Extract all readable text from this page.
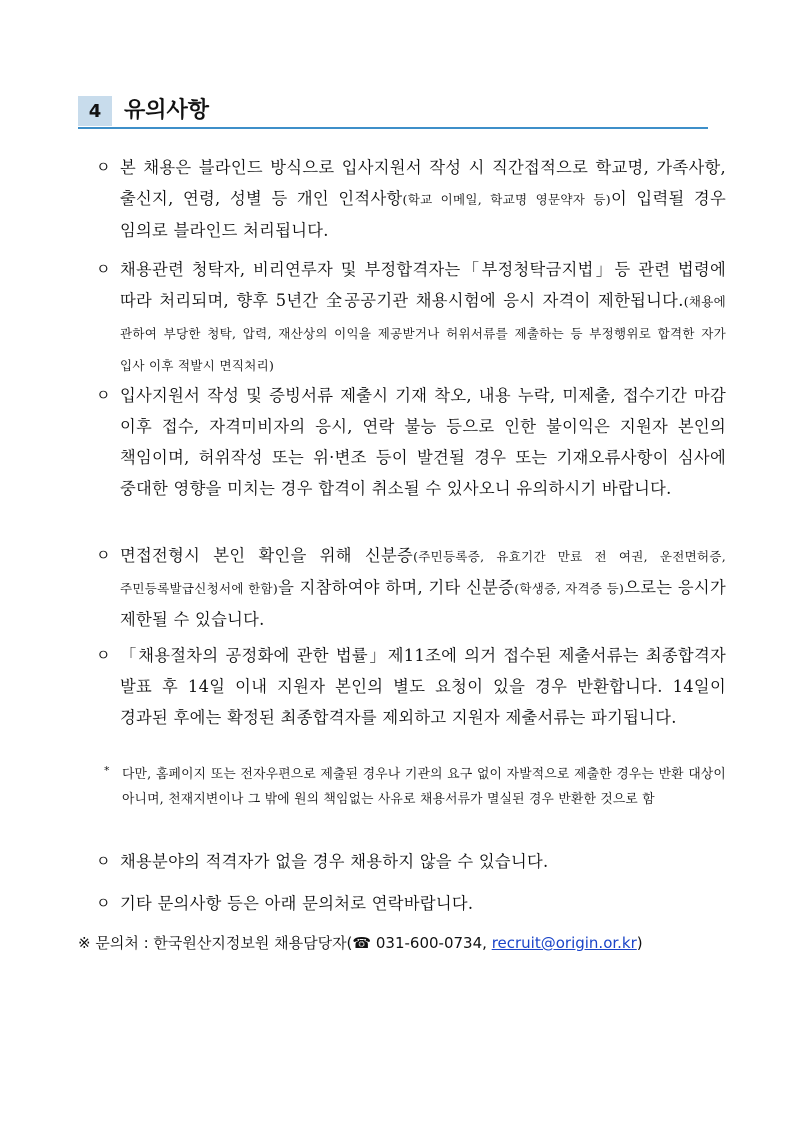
4	유의사항
ㅇ 본 채용은 블라인드 방식으로 입사지원서 작성 시 직간접적으로 학교명, 가족사항, 출신지, 연령, 성별 등 개인 인적사항(학교 이메일, 학교명 영문약자 등)이 입력될 경우 임의로 블라인드 처리됩니다.
ㅇ 채용관련 청탁자, 비리연루자 및 부정합격자는「부정청탁금지법」등 관련 법령에 따라 처리되며, 향후 5년간 全공공기관 채용시험에 응시 자격이 제한됩니다.(채용에 관하여 부당한 청탁, 압력, 재산상의 이익을 제공받거나 허위서류를 제출하는 등 부정행위로 합격한 자가 입사 이후 적발시 면직처리)
ㅇ 입사지원서 작성 및 증빙서류 제출시 기재 착오, 내용 누락, 미제출, 접수기간 마감 이후 접수, 자격미비자의 응시, 연락 불능 등으로 인한 불이익은 지원자 본인의 책임이며, 허위작성 또는 위·변조 등이 발견될 경우 또는 기재오류사항이 심사에 중대한 영향을 미치는 경우 합격이 취소될 수 있사오니 유의하시기 바랍니다.
ㅇ 면접전형시 본인 확인을 위해 신분증(주민등록증, 유효기간 만료 전 여권, 운전면허증, 주민등록발급신청서에 한함)을 지참하여야 하며, 기타 신분증(학생증, 자격증 등)으로는 응시가 제한될 수 있습니다.
ㅇ 「채용절차의 공정화에 관한 법률」제11조에 의거 접수된 제출서류는 최종합격자 발표 후 14일 이내 지원자 본인의 별도 요청이 있을 경우 반환합니다. 14일이 경과된 후에는 확정된 최종합격자를 제외하고 지원자 제출서류는 파기됩니다.
* 다만, 홈페이지 또는 전자우편으로 제출된 경우나 기관의 요구 없이 자발적으로 제출한 경우는 반환 대상이 아니며, 천재지변이나 그 밖에 원의 책임없는 사유로 채용서류가 멸실된 경우 반환한 것으로 함
ㅇ 채용분야의 적격자가 없을 경우 채용하지 않을 수 있습니다.
ㅇ 기타 문의사항 등은 아래 문의처로 연락바랍니다.
※ 문의처 : 한국원산지정보원 채용담당자(☎ 031-600-0734, recruit@origin.or.kr)
